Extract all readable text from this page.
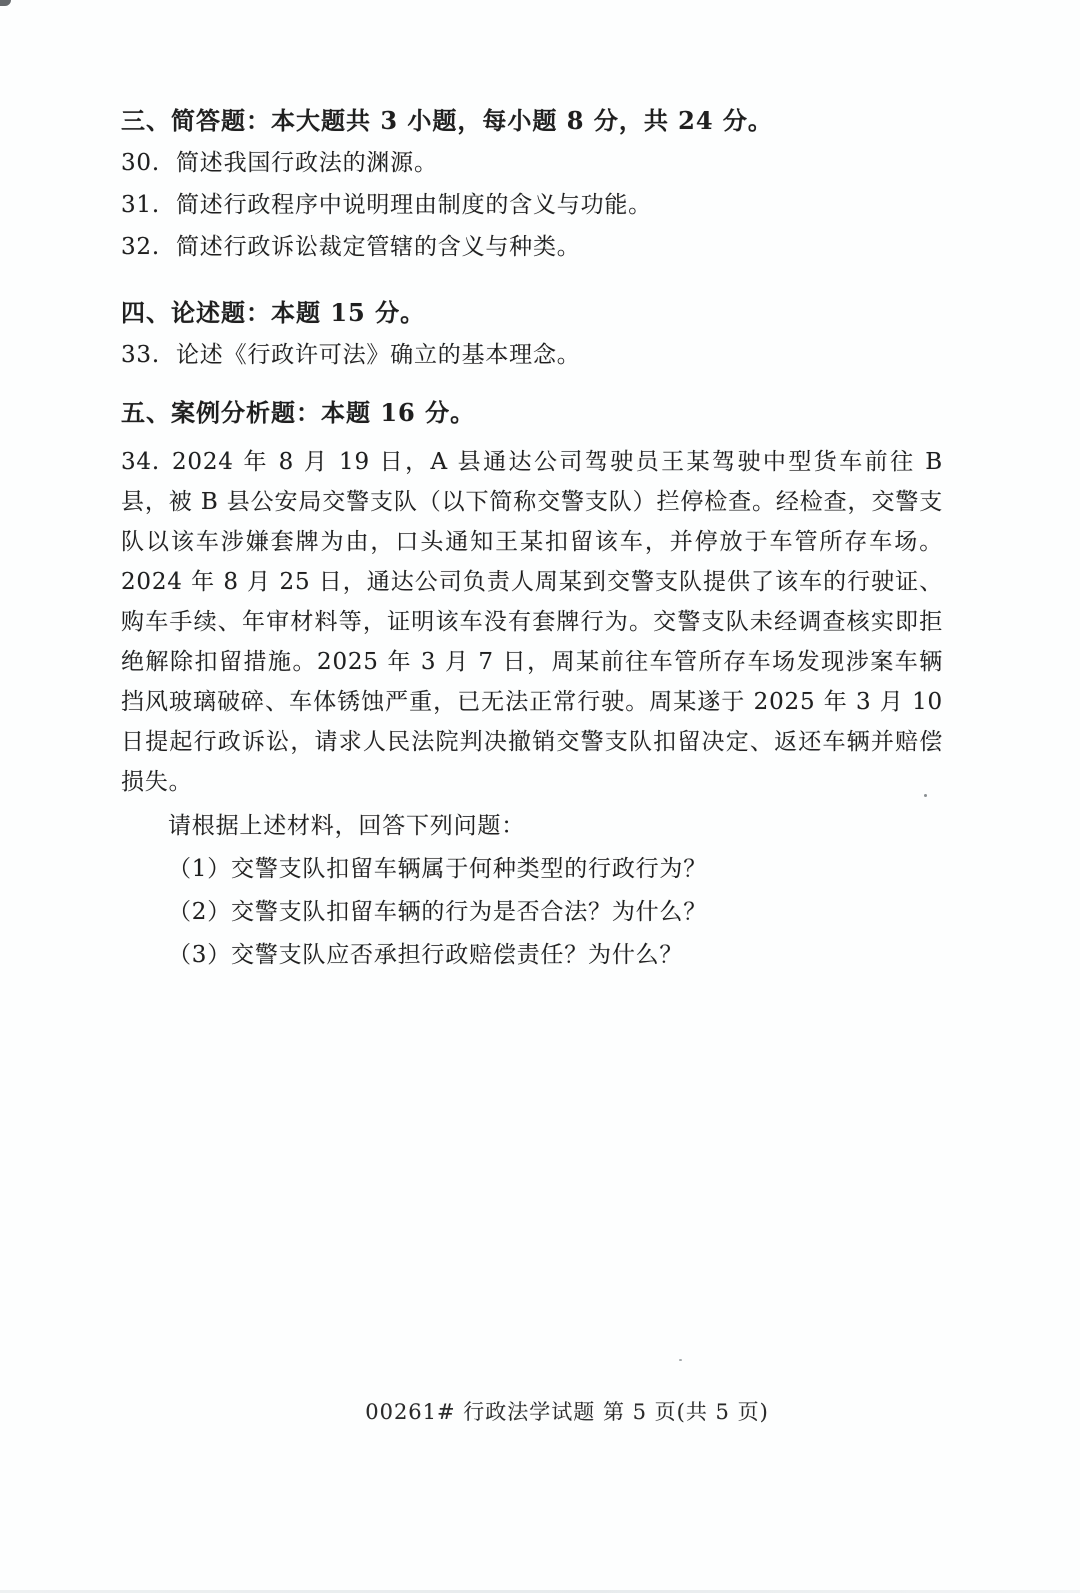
三、简答题：本大题共 3 小题，每小题 8 分，共 24 分。
30. 简述我国行政法的渊源。
31. 简述行政程序中说明理由制度的含义与功能。
32. 简述行政诉讼裁定管辖的含义与种类。
四、论述题：本题 15 分。
33. 论述《行政许可法》确立的基本理念。
五、案例分析题：本题 16 分。

34. 2024 年 8 月 19 日，A 县通达公司驾驶员王某驾驶中型货车前往 B 县，被 B 县公安局交警支队（以下简称交警支队）拦停检查。经检查，交警支队以该车涉嫌套牌为由，口头通知王某扣留该车，并停放于车管所存车场。2024 年 8 月 25 日，通达公司负责人周某到交警支队提供了该车的行驶证、购车手续、年审材料等，证明该车没有套牌行为。交警支队未经调查核实即拒绝解除扣留措施。2025 年 3 月 7 日，周某前往车管所存车场发现涉案车辆挡风玻璃破碎、车体锈蚀严重，已无法正常行驶。周某遂于 2025 年 3 月 10 日提起行政诉讼，请求人民法院判决撤销交警支队扣留决定、返还车辆并赔偿损失。

请根据上述材料，回答下列问题：
（1）交警支队扣留车辆属于何种类型的行政行为？
（2）交警支队扣留车辆的行为是否合法？为什么？
（3）交警支队应否承担行政赔偿责任？为什么？
00261# 行政法学试题 第 5 页(共 5 页)
